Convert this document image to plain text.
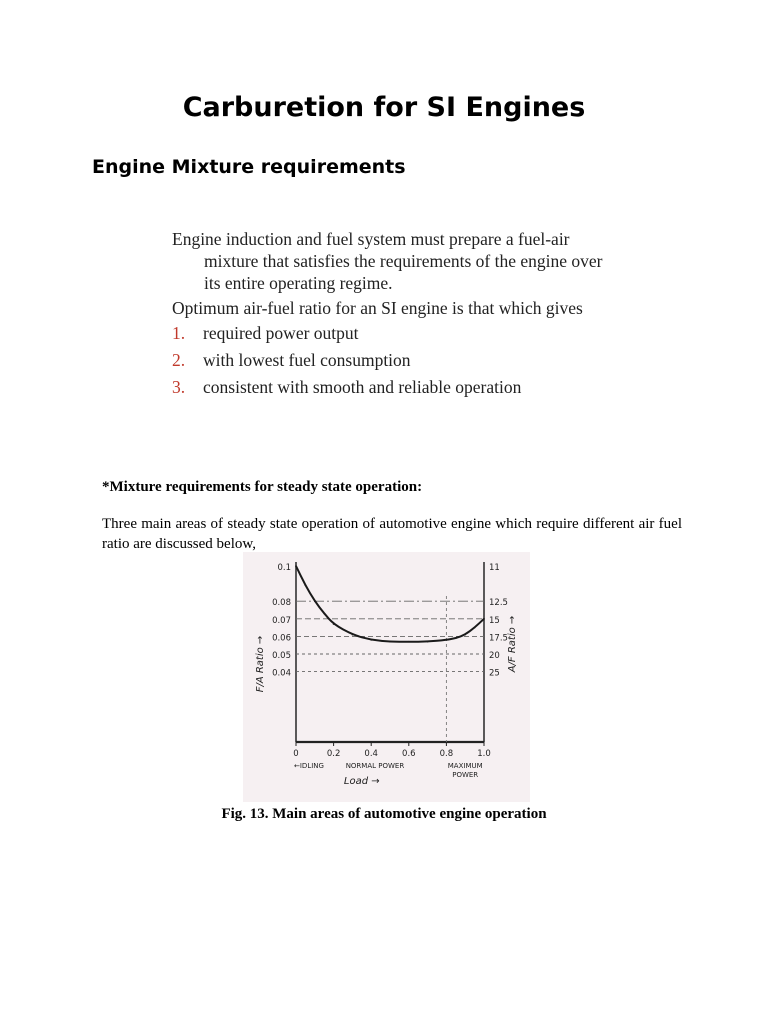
Carburetion for SI Engines
Engine Mixture requirements

Engine induction and fuel system must prepare a fuel-air mixture that satisfies the requirements of the engine over its entire operating regime.

Optimum air-fuel ratio for an SI engine is that which gives

1.	required power output
2.	with lowest fuel consumption
3.	consistent with smooth and reliable operation
*Mixture requirements for steady state operation:
Three main areas of steady state operation of automotive engine which require different air fuel ratio are discussed below,
0.1
0.08
0.07
0.06
0.05
0.04
11
12.5
15
17.5
20
25
0	0.2	0.4	0.6	0.8	1.0
←IDLING	NORMAL POWER	MAXIMUM
POWER
Load →
F/A Ratio →	A/F Ratio →
Fig. 13. Main areas of automotive engine operation
